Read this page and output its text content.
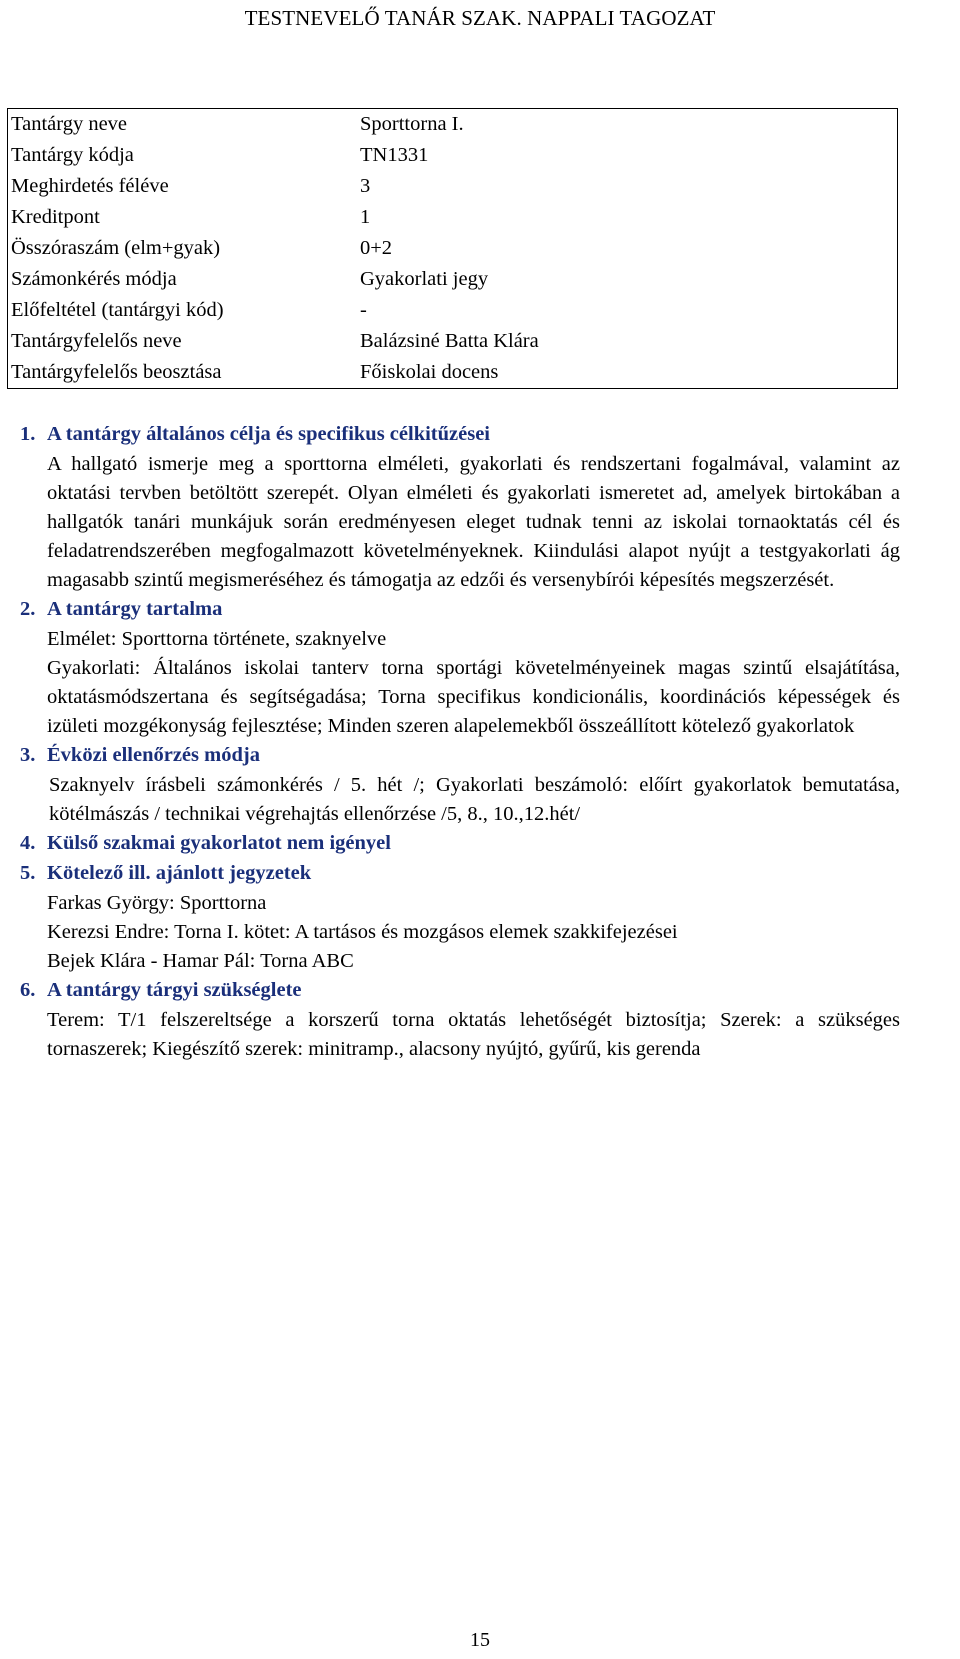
TESTNEVELŐ TANÁR SZAK. NAPPALI TAGOZAT
Tantárgy neve	Sporttorna I.
Tantárgy kódja	TN1331
Meghirdetés féléve	3
Kreditpont	1
Összóraszám (elm+gyak)	0+2
Számonkérés módja	Gyakorlati jegy
Előfeltétel (tantárgyi kód)	-
Tantárgyfelelős neve	Balázsiné Batta Klára
Tantárgyfelelős beosztása	Főiskolai docens
1. A tantárgy általános célja és specifikus célkitűzései
A hallgató ismerje meg a sporttorna elméleti, gyakorlati és rendszertani fogalmával, valamint az oktatási tervben betöltött szerepét. Olyan elméleti és gyakorlati ismeretet ad, amelyek birtokában a hallgatók tanári munkájuk során eredményesen eleget tudnak tenni az iskolai tornaoktatás cél és feladatrendszerében megfogalmazott követelményeknek. Kiindulási alapot nyújt a testgyakorlati ág magasabb szintű megismeréséhez és támogatja az edzői és versenybírói képesítés megszerzését.
2. A tantárgy tartalma
Elmélet: Sporttorna története, szaknyelve
Gyakorlati: Általános iskolai tanterv torna sportági követelményeinek magas szintű elsajátítása, oktatásmódszertana és segítségadása; Torna specifikus kondicionális, koordinációs képességek és izületi mozgékonyság fejlesztése; Minden szeren alapelemekből összeállított kötelező gyakorlatok
3. Évközi ellenőrzés módja
Szaknyelv írásbeli számonkérés / 5. hét /; Gyakorlati beszámoló: előírt gyakorlatok bemutatása, kötélmászás / technikai végrehajtás ellenőrzése /5, 8., 10.,12.hét/
4. Külső szakmai gyakorlatot nem igényel
5. Kötelező ill. ajánlott jegyzetek
Farkas György: Sporttorna
Kerezsi Endre: Torna I. kötet: A tartásos és mozgásos elemek szakkifejezései
Bejek Klára - Hamar Pál: Torna ABC
6. A tantárgy tárgyi szükséglete
Terem: T/1 felszereltsége a korszerű torna oktatás lehetőségét biztosítja; Szerek: a szükséges tornaszerek; Kiegészítő szerek: minitramp., alacsony nyújtó, gyűrű, kis gerenda
15
